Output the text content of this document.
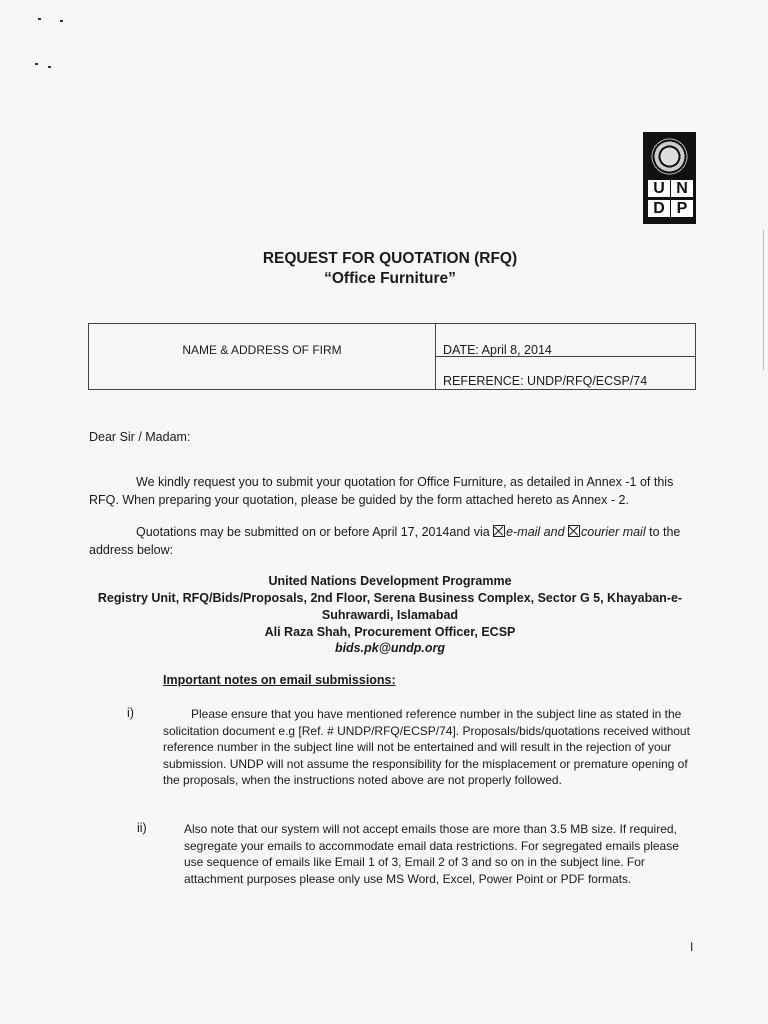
U N
D P
REQUEST FOR QUOTATION (RFQ)
“Office Furniture”
NAME & ADDRESS OF FIRM	DATE: April 8, 2014
REFERENCE: UNDP/RFQ/ECSP/74
Dear Sir / Madam:
We kindly request you to submit your quotation for Office Furniture, as detailed in Annex -1 of this RFQ. When preparing your quotation, please be guided by the form attached hereto as Annex - 2.
Quotations may be submitted on or before April 17, 2014and via e-mail and courier mail to the address below:
United Nations Development Programme
Registry Unit, RFQ/Bids/Proposals, 2nd Floor, Serena Business Complex, Sector G 5, Khayaban-e-
Suhrawardi, Islamabad
Ali Raza Shah, Procurement Officer, ECSP
bids.pk@undp.org
Important notes on email submissions:
i)	Please ensure that you have mentioned reference number in the subject line as stated in the solicitation document e.g [Ref. # UNDP/RFQ/ECSP/74]. Proposals/bids/quotations received without reference number in the subject line will not be entertained and will result in the rejection of your submission. UNDP will not assume the responsibility for the misplacement or premature opening of the proposals, when the instructions noted above are not properly followed.
ii)	Also note that our system will not accept emails those are more than 3.5 MB size. If required, segregate your emails to accommodate email data restrictions. For segregated emails please use sequence of emails like Email 1 of 3, Email 2 of 3 and so on in the subject line. For attachment purposes please only use MS Word, Excel, Power Point or PDF formats.
I
